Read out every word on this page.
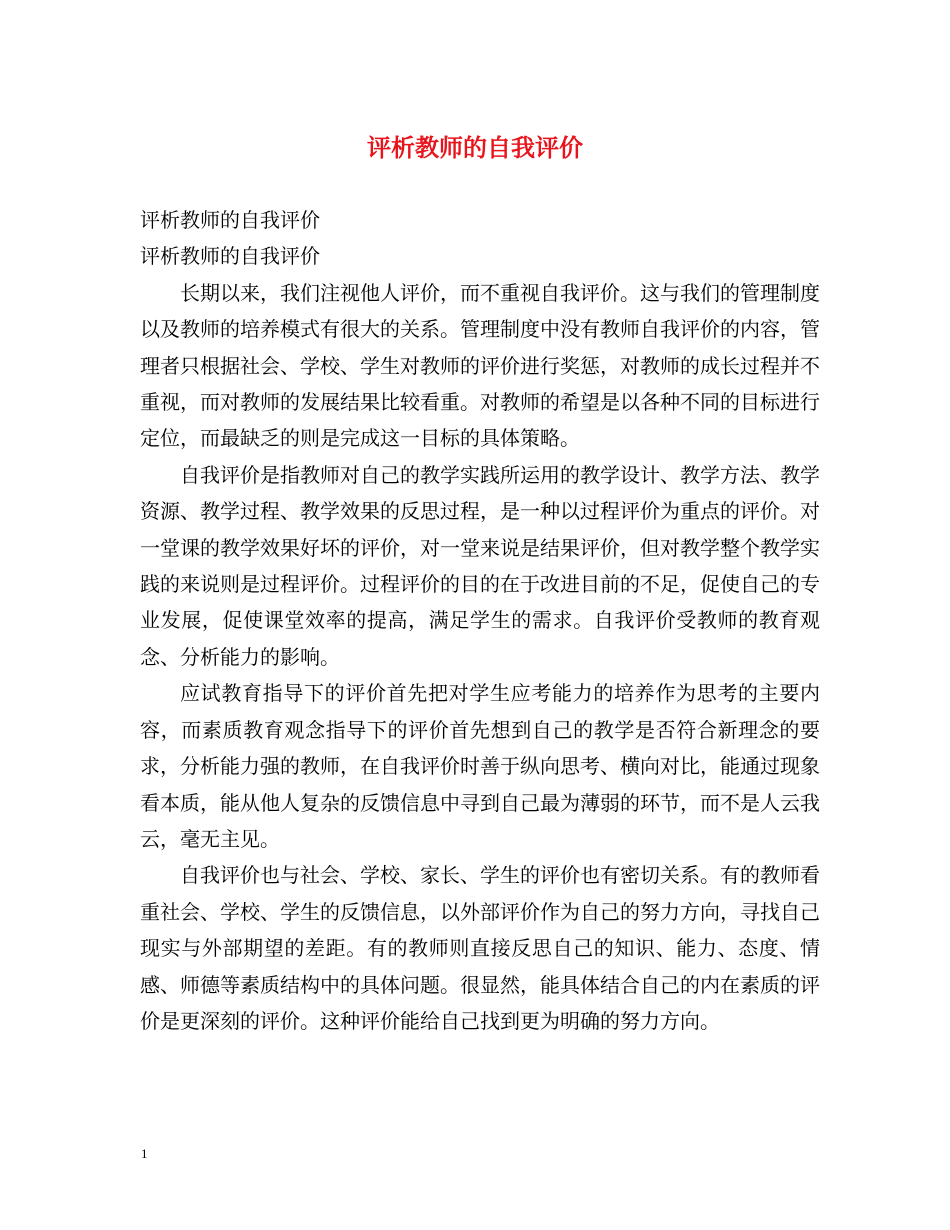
评析教师的自我评价

评析教师的自我评价

评析教师的自我评价

长期以来，我们注视他人评价，而不重视自我评价。这与我们的管理制度以及教师的培养模式有很大的关系。管理制度中没有教师自我评价的内容，管理者只根据社会、学校、学生对教师的评价进行奖惩，对教师的成长过程并不重视，而对教师的发展结果比较看重。对教师的希望是以各种不同的目标进行定位，而最缺乏的则是完成这一目标的具体策略。

自我评价是指教师对自己的教学实践所运用的教学设计、教学方法、教学资源、教学过程、教学效果的反思过程，是一种以过程评价为重点的评价。对一堂课的教学效果好坏的评价，对一堂来说是结果评价，但对教学整个教学实践的来说则是过程评价。过程评价的目的在于改进目前的不足，促使自己的专业发展，促使课堂效率的提高，满足学生的需求。自我评价受教师的教育观念、分析能力的影响。

应试教育指导下的评价首先把对学生应考能力的培养作为思考的主要内容，而素质教育观念指导下的评价首先想到自己的教学是否符合新理念的要求，分析能力强的教师，在自我评价时善于纵向思考、横向对比，能通过现象看本质，能从他人复杂的反馈信息中寻到自己最为薄弱的环节，而不是人云我云，毫无主见。

自我评价也与社会、学校、家长、学生的评价也有密切关系。有的教师看重社会、学校、学生的反馈信息，以外部评价作为自己的努力方向，寻找自己现实与外部期望的差距。有的教师则直接反思自己的知识、能力、态度、情感、师德等素质结构中的具体问题。很显然，能具体结合自己的内在素质的评价是更深刻的评价。这种评价能给自己找到更为明确的努力方向。

1
